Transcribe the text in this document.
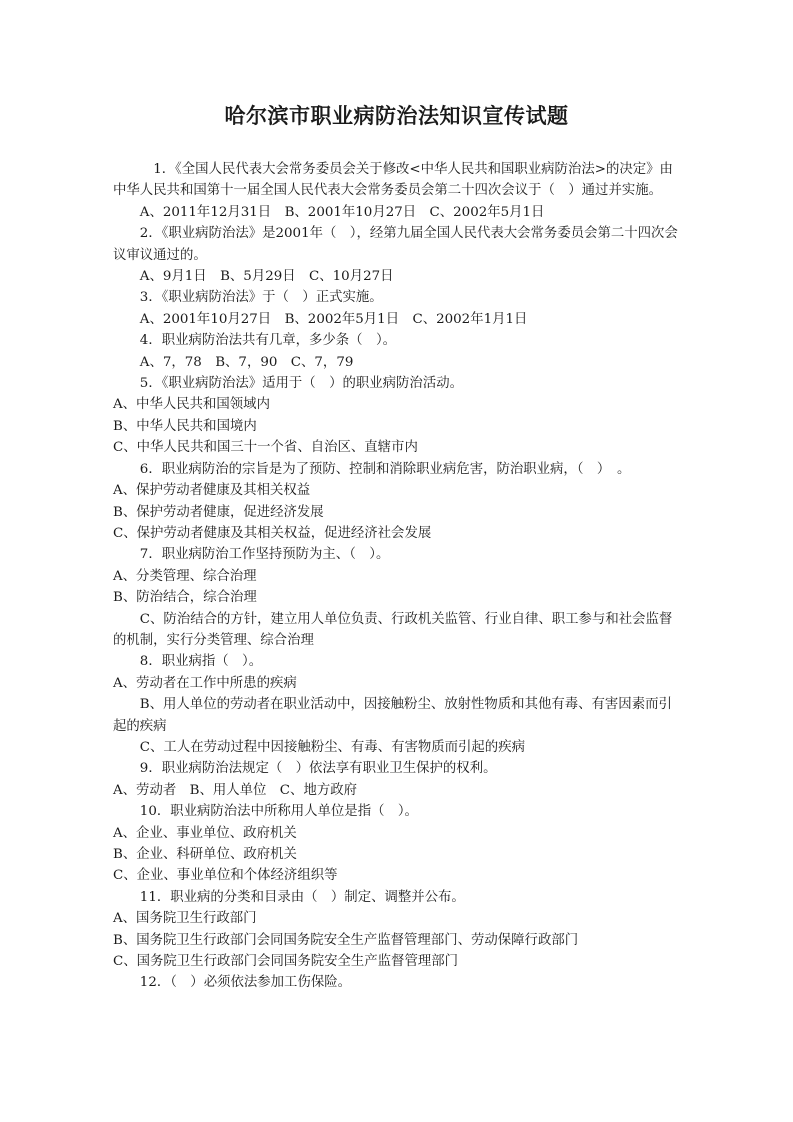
哈尔滨市职业病防治法知识宣传试题

1．《全国人民代表大会常务委员会关于修改<中华人民共和国职业病防治法>的决定》由中华人民共和国第十一届全国人民代表大会常务委员会第二十四次会议于（　）通过并实施。

A、2011年12月31日　B、2001年10月27日　C、2002年5月1日

2．《职业病防治法》是2001年（　），经第九届全国人民代表大会常务委员会第二十四次会议审议通过的。

A、9月1日　B、5月29日　C、10月27日

3．《职业病防治法》于（　）正式实施。

A、2001年10月27日　B、2002年5月1日　C、2002年1月1日

4．职业病防治法共有几章，多少条（　）。

A、7，78　B、7，90　C、7，79

5．《职业病防治法》适用于（　）的职业病防治活动。

A、中华人民共和国领域内

B、中华人民共和国境内

C、中华人民共和国三十一个省、自治区、直辖市内

6．职业病防治的宗旨是为了预防、控制和消除职业病危害，防治职业病，（　）　。

A、保护劳动者健康及其相关权益

B、保护劳动者健康，促进经济发展

C、保护劳动者健康及其相关权益，促进经济社会发展

7．职业病防治工作坚持预防为主、（　）。

A、分类管理、综合治理

B、防治结合，综合治理

C、防治结合的方针，建立用人单位负责、行政机关监管、行业自律、职工参与和社会监督的机制，实行分类管理、综合治理

8．职业病指（　）。

A、劳动者在工作中所患的疾病

B、用人单位的劳动者在职业活动中，因接触粉尘、放射性物质和其他有毒、有害因素而引起的疾病

C、工人在劳动过程中因接触粉尘、有毒、有害物质而引起的疾病

9．职业病防治法规定（　）依法享有职业卫生保护的权利。

A、劳动者　B、用人单位　C、地方政府

10．职业病防治法中所称用人单位是指（　）。

A、企业、事业单位、政府机关

B、企业、科研单位、政府机关

C、企业、事业单位和个体经济组织等

11．职业病的分类和目录由（　）制定、调整并公布。

A、国务院卫生行政部门

B、国务院卫生行政部门会同国务院安全生产监督管理部门、劳动保障行政部门

C、国务院卫生行政部门会同国务院安全生产监督管理部门

12．（　）必须依法参加工伤保险。
